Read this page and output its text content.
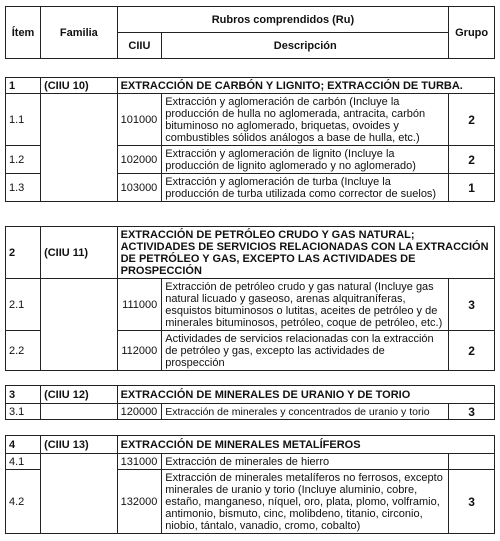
Ítem	Familia	Rubros comprendidos (Ru)		Grupo
		CIIU	Descripción	
1	(CIIU 10)	EXTRACCIÓN DE CARBÓN Y LIGNITO; EXTRACCIÓN DE TURBA.		
1.1		101000	Extracción y aglomeración de carbón (Incluye la producción de hulla no aglomerada, antracita, carbón bituminoso no aglomerado, briquetas, ovoides y combustibles sólidos análogos a base de hulla, etc.)	2
1.2		102000	Extracción y aglomeración de lignito (Incluye la producción de lignito aglomerado y no aglomerado)	2
1.3		103000	Extracción y aglomeración de turba (Incluye la producción de turba utilizada como corrector de suelos)	1
2	(CIIU 11)	EXTRACCIÓN DE PETRÓLEO CRUDO Y GAS NATURAL; ACTIVIDADES DE SERVICIOS RELACIONADAS CON LA EXTRACCIÓN DE PETRÓLEO Y GAS, EXCEPTO LAS ACTIVIDADES DE PROSPECCIÓN		
2.1		111000	Extracción de petróleo crudo y gas natural (Incluye gas natural licuado y gaseoso, arenas alquitraníferas, esquistos bituminosos o lutitas, aceites de petróleo y de minerales bituminosos, petróleo, coque de petróleo, etc.)	3
2.2		112000	Actividades de servicios relacionadas con la extracción de petróleo y gas, excepto las actividades de prospección	2
3	(CIIU 12)	EXTRACCIÓN DE MINERALES DE URANIO Y DE TORIO		
3.1		120000	Extracción de minerales y concentrados de uranio y torio	3
4	(CIIU 13)	EXTRACCIÓN DE MINERALES METALÍFEROS		
4.1		131000	Extracción de minerales de hierro	
4.2		132000	Extracción de minerales metalíferos no ferrosos, excepto minerales de uranio y torio (Incluye aluminio, cobre, estaño, manganeso, níquel, oro, plata, plomo, volframio, antimonio, bismuto, cinc, molibdeno, titanio, circonio, niobio, tántalo, vanadio, cromo, cobalto)	3
